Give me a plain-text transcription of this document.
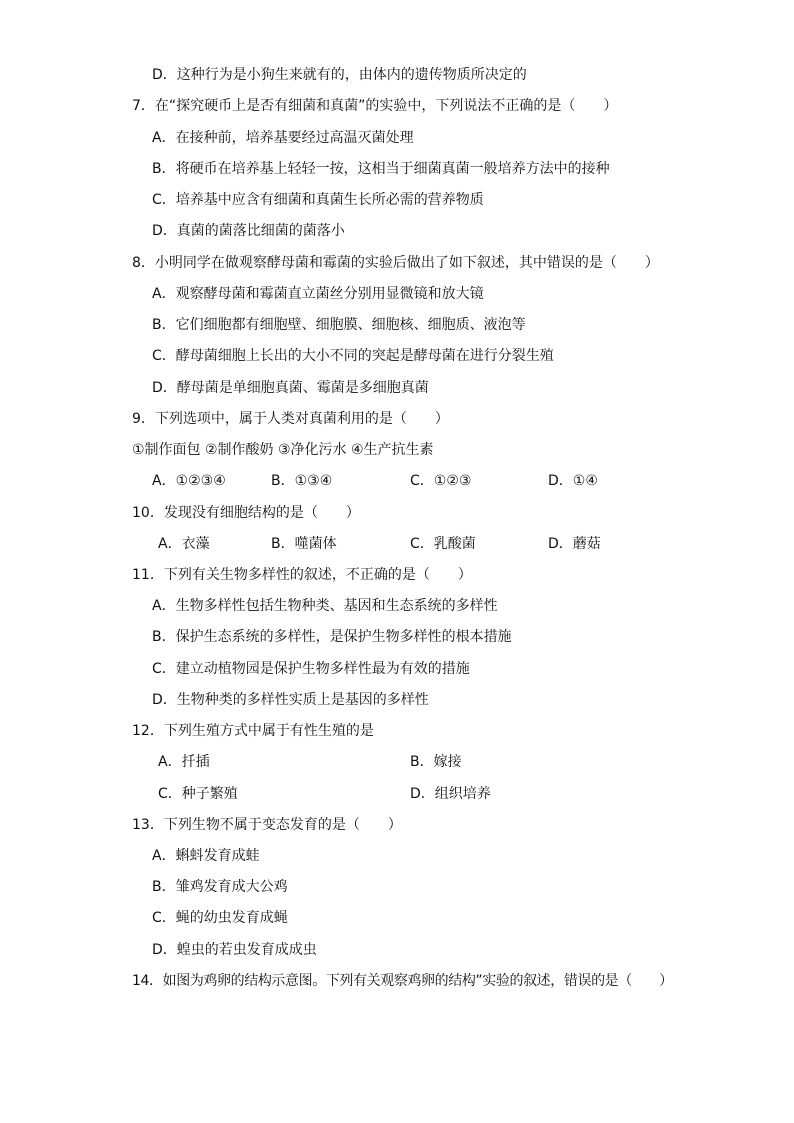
D．这种行为是小狗生来就有的，由体内的遗传物质所决定的
7．在“探究硬币上是否有细菌和真菌”的实验中，下列说法不正确的是（　　）
A．在接种前，培养基要经过高温灭菌处理
B．将硬币在培养基上轻轻一按，这相当于细菌真菌一般培养方法中的接种
C．培养基中应含有细菌和真菌生长所必需的营养物质
D．真菌的菌落比细菌的菌落小
8．小明同学在做观察酵母菌和霉菌的实验后做出了如下叙述，其中错误的是（　　）
A．观察酵母菌和霉菌直立菌丝分别用显微镜和放大镜
B．它们细胞都有细胞壁、细胞膜、细胞核、细胞质、液泡等
C．酵母菌细胞上长出的大小不同的突起是酵母菌在进行分裂生殖
D．酵母菌是单细胞真菌、霉菌是多细胞真菌
9．下列选项中，属于人类对真菌利用的是（　　）
①制作面包 ②制作酸奶 ③净化污水 ④生产抗生素
A．①②③④	B．①③④	C．①②③	D．①④
10．发现没有细胞结构的是（　　）
A．衣藻	B．噬菌体	C．乳酸菌	D．蘑菇
11．下列有关生物多样性的叙述，不正确的是（　　）
A．生物多样性包括生物种类、基因和生态系统的多样性
B．保护生态系统的多样性，是保护生物多样性的根本措施
C．建立动植物园是保护生物多样性最为有效的措施
D．生物种类的多样性实质上是基因的多样性
12．下列生殖方式中属于有性生殖的是
A．扦插	B．嫁接
C．种子繁殖	D．组织培养
13．下列生物不属于变态发育的是（　　）
A．蝌蚪发育成蛙
B．雏鸡发育成大公鸡
C．蝇的幼虫发育成蝇
D．蝗虫的若虫发育成成虫
14．如图为鸡卵的结构示意图。下列有关观察鸡卵的结构”实验的叙述，错误的是（　　）
